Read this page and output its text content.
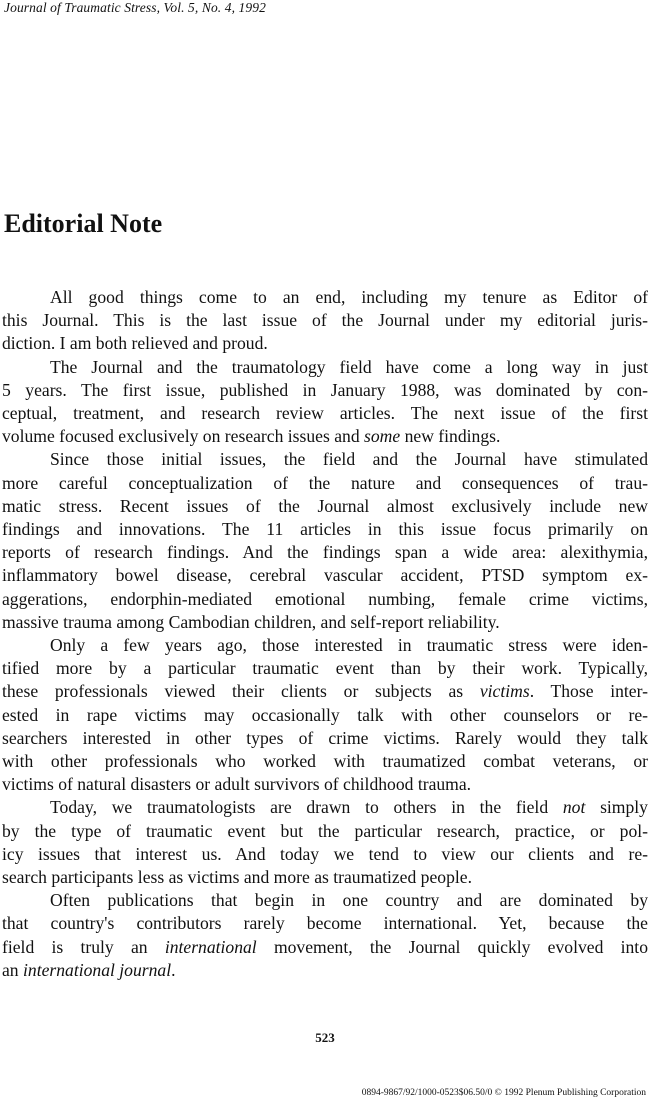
Journal of Traumatic Stress, Vol. 5, No. 4, 1992
Editorial Note
All good things come to an end, including my tenure as Editor of
this Journal. This is the last issue of the Journal under my editorial juris-
diction. I am both relieved and proud.
The Journal and the traumatology field have come a long way in just
5 years. The first issue, published in January 1988, was dominated by con-
ceptual, treatment, and research review articles. The next issue of the first
volume focused exclusively on research issues and some new findings.
Since those initial issues, the field and the Journal have stimulated
more careful conceptualization of the nature and consequences of trau-
matic stress. Recent issues of the Journal almost exclusively include new
findings and innovations. The 11 articles in this issue focus primarily on
reports of research findings. And the findings span a wide area: alexithymia,
inflammatory bowel disease, cerebral vascular accident, PTSD symptom ex-
aggerations, endorphin-mediated emotional numbing, female crime victims,
massive trauma among Cambodian children, and self-report reliability.
Only a few years ago, those interested in traumatic stress were iden-
tified more by a particular traumatic event than by their work. Typically,
these professionals viewed their clients or subjects as victims. Those inter-
ested in rape victims may occasionally talk with other counselors or re-
searchers interested in other types of crime victims. Rarely would they talk
with other professionals who worked with traumatized combat veterans, or
victims of natural disasters or adult survivors of childhood trauma.
Today, we traumatologists are drawn to others in the field not simply
by the type of traumatic event but the particular research, practice, or pol-
icy issues that interest us. And today we tend to view our clients and re-
search participants less as victims and more as traumatized people.
Often publications that begin in one country and are dominated by
that country's contributors rarely become international. Yet, because the
field is truly an international movement, the Journal quickly evolved into
an international journal.
523
0894-9867/92/1000-0523$06.50/0 © 1992 Plenum Publishing Corporation
